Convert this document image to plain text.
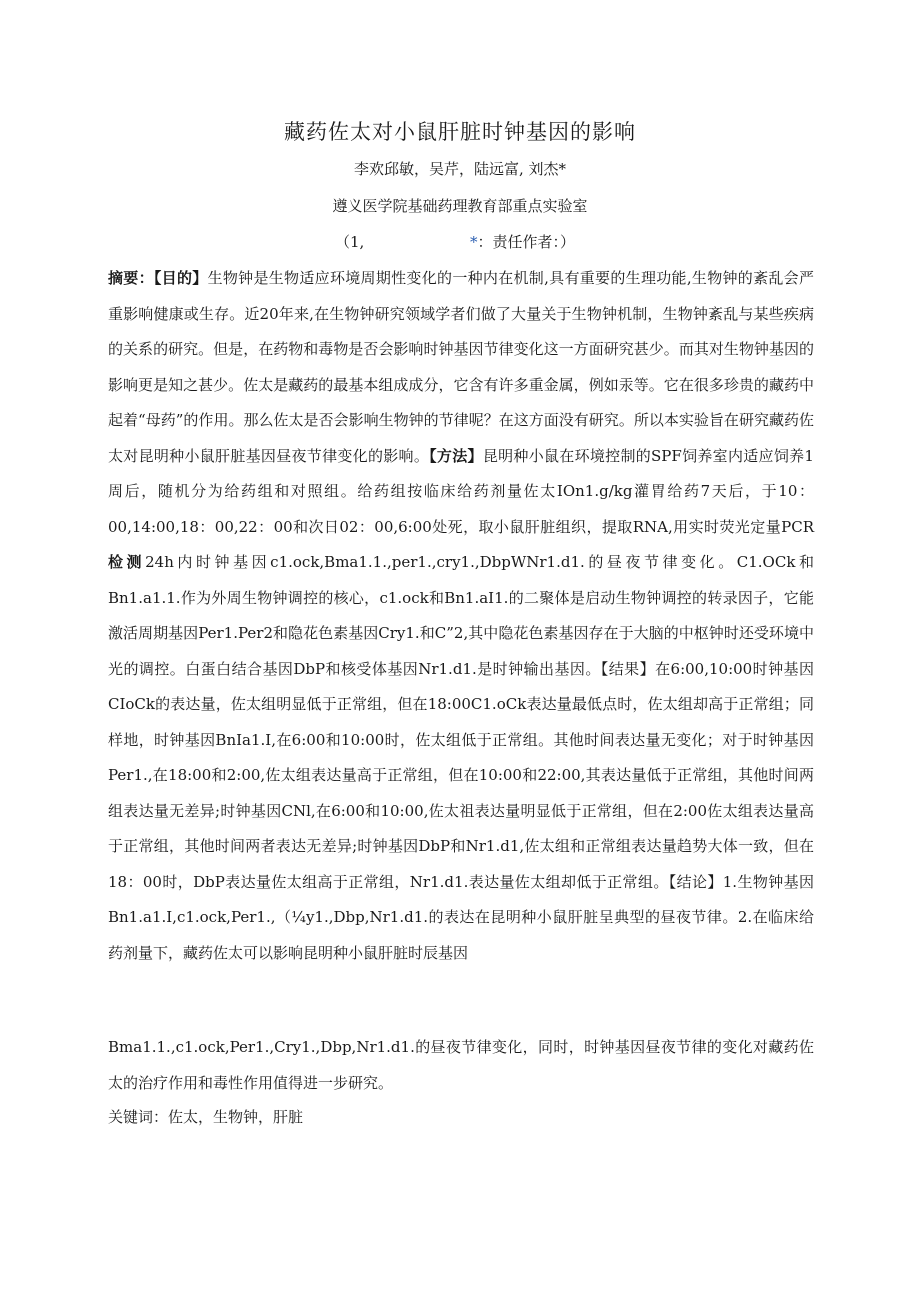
藏药佐太对小鼠肝脏时钟基因的影响
李欢邱敏，吴芹，陆远富, 刘杰*
遵义医学院基础药理教育部重点实验室
（1,	*：责任作者：）

摘要：【目的】生物钟是生物适应环境周期性变化的一种内在机制,具有重要的生理功能,生物钟的紊乱会严重影响健康或生存。近20年来,在生物钟研究领域学者们做了大量关于生物钟机制，生物钟紊乱与某些疾病的关系的研究。但是，在药物和毒物是否会影响时钟基因节律变化这一方面研究甚少。而其对生物钟基因的影响更是知之甚少。佐太是藏药的最基本组成成分，它含有许多重金属，例如汞等。它在很多珍贵的藏药中起着“母药”的作用。那么佐太是否会影响生物钟的节律呢？在这方面没有研究。所以本实验旨在研究藏药佐太对昆明种小鼠肝脏基因昼夜节律变化的影响。【方法】昆明种小鼠在环境控制的SPF饲养室内适应饲养1周后，随机分为给药组和对照组。给药组按临床给药剂量佐太IOn1.g/kg灌胃给药7天后，于10：00,14:00,18：00,22：00和次日02：00,6:00处死，取小鼠肝脏组织，提取RNA,用实时荧光定量PCR检测24h内时钟基因c1.ock,Bma1.1.,per1.,cry1.,DbpWNr1.d1.的昼夜节律变化。C1.OCk和Bn1.a1.1.作为外周生物钟调控的核心，c1.ock和Bn1.aI1.的二聚体是启动生物钟调控的转录因子，它能激活周期基因Per1.Per2和隐花色素基因Cry1.和C”2,其中隐花色素基因存在于大脑的中枢钟时还受环境中光的调控。白蛋白结合基因DbP和核受体基因Nr1.d1.是时钟输出基因。【结果】在6:00,10:00时钟基因CIoCk的表达量，佐太组明显低于正常组，但在18:00C1.oCk表达量最低点时，佐太组却高于正常组；同样地，时钟基因BnIa1.I,在6:00和10:00时，佐太组低于正常组。其他时间表达量无变化；对于时钟基因Per1.,在18:00和2:00,佐太组表达量高于正常组，但在10:00和22:00,其表达量低于正常组，其他时间两组表达量无差异;时钟基因CNl,在6:00和10:00,佐太祖表达量明显低于正常组，但在2:00佐太组表达量高于正常组，其他时间两者表达无差异;时钟基因DbP和Nr1.d1,佐太组和正常组表达量趋势大体一致，但在18：00时，DbP表达量佐太组高于正常组，Nr1.d1.表达量佐太组却低于正常组。【结论】1.生物钟基因Bn1.a1.I,c1.ock,Per1.,（¼y1.,Dbp,Nr1.d1.的表达在昆明种小鼠肝脏呈典型的昼夜节律。2.在临床给药剂量下，藏药佐太可以影响昆明种小鼠肝脏时辰基因

Bma1.1.,c1.ock,Per1.,Cry1.,Dbp,Nr1.d1.的昼夜节律变化，同时，时钟基因昼夜节律的变化对藏药佐太的治疗作用和毒性作用值得进一步研究。

关键词：佐太，生物钟，肝脏
